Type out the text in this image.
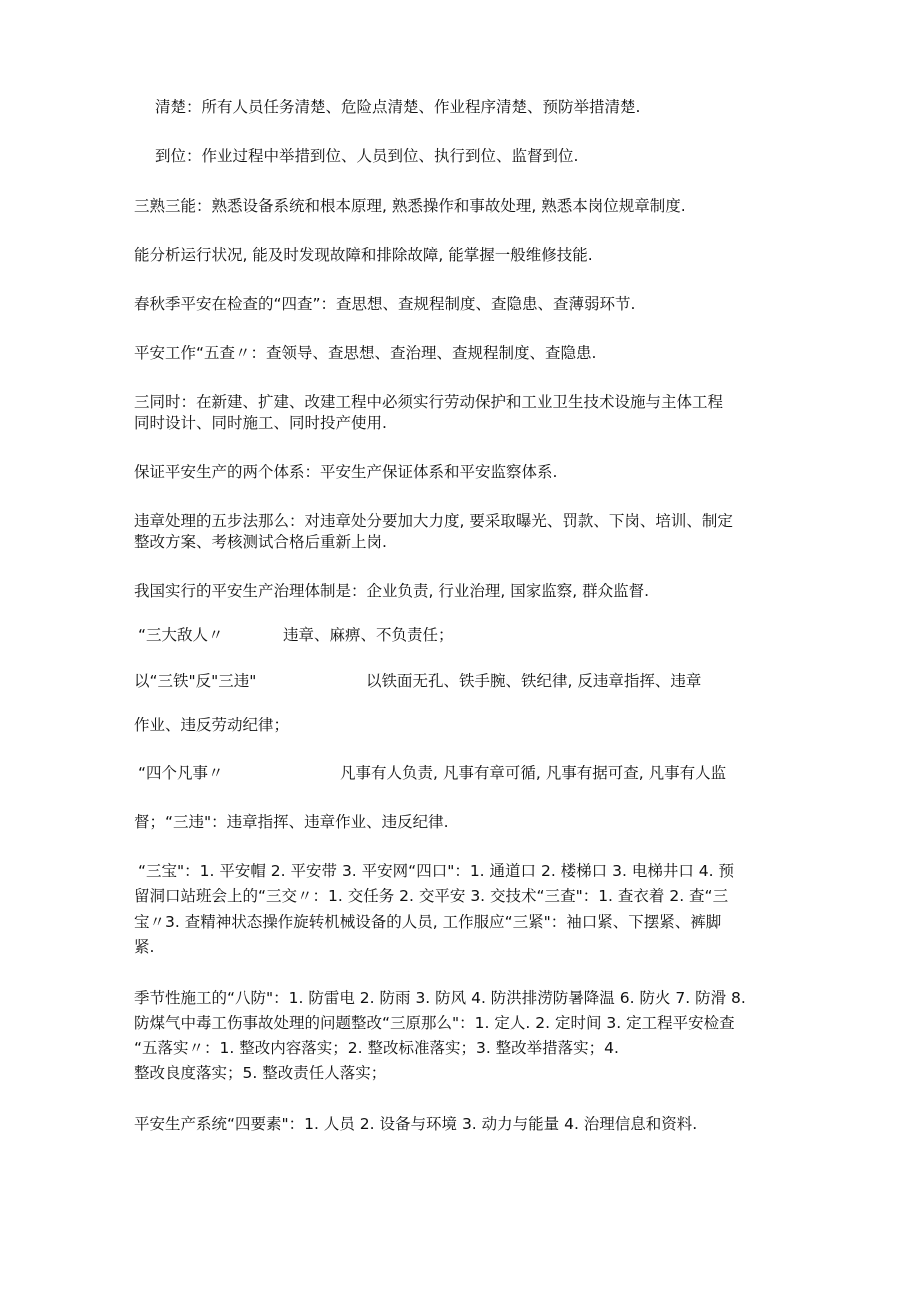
清楚：所有人员任务清楚、危险点清楚、作业程序清楚、预防举措清楚.
到位：作业过程中举措到位、人员到位、执行到位、监督到位.
三熟三能：熟悉设备系统和根本原理, 熟悉操作和事故处理, 熟悉本岗位规章制度.
能分析运行状况, 能及时发现故障和排除故障, 能掌握一般维修技能.
春秋季平安在检查的“四查”：查思想、查规程制度、查隐患、查薄弱环节.
平安工作“五查〃：查领导、查思想、查治理、查规程制度、查隐患.
三同时：在新建、扩建、改建工程中必须实行劳动保护和工业卫生技术设施与主体工程
同时设计、同时施工、同时投产使用.
保证平安生产的两个体系：平安生产保证体系和平安监察体系.
违章处理的五步法那么：对违章处分要加大力度, 要采取曝光、罚款、下岗、培训、制定
整改方案、考核测试合格后重新上岗.
我国实行的平安生产治理体制是：企业负责, 行业治理, 国家监察, 群众监督.
“三大敌人〃	违章、麻痹、不负责任；
以“三铁"反"三违"	以铁面无孔、铁手腕、铁纪律, 反违章指挥、违章
作业、违反劳动纪律；
“四个凡事〃	凡事有人负责, 凡事有章可循, 凡事有据可查, 凡事有人监
督；“三违"：违章指挥、违章作业、违反纪律.
“三宝"：1. 平安帽 2. 平安带 3. 平安网“四口"：1. 通道口 2. 楼梯口 3. 电梯井口 4. 预
留洞口站班会上的“三交〃：1. 交任务 2. 交平安 3. 交技术“三查"：1. 查衣着 2. 查“三
宝〃3. 查精神状态操作旋转机械设备的人员, 工作服应“三紧"：袖口紧、下摆紧、裤脚
紧.
季节性施工的“八防"：1. 防雷电 2. 防雨 3. 防风 4. 防洪排涝防暑降温 6. 防火 7. 防滑 8.
防煤气中毒工伤事故处理的问题整改“三原那么"：1. 定人. 2. 定时间 3. 定工程平安检查
“五落实〃：1. 整改内容落实；2. 整改标准落实；3. 整改举措落实；4.
整改良度落实；5. 整改责任人落实；
平安生产系统“四要素"：1. 人员 2. 设备与环境 3. 动力与能量 4. 治理信息和资料.
